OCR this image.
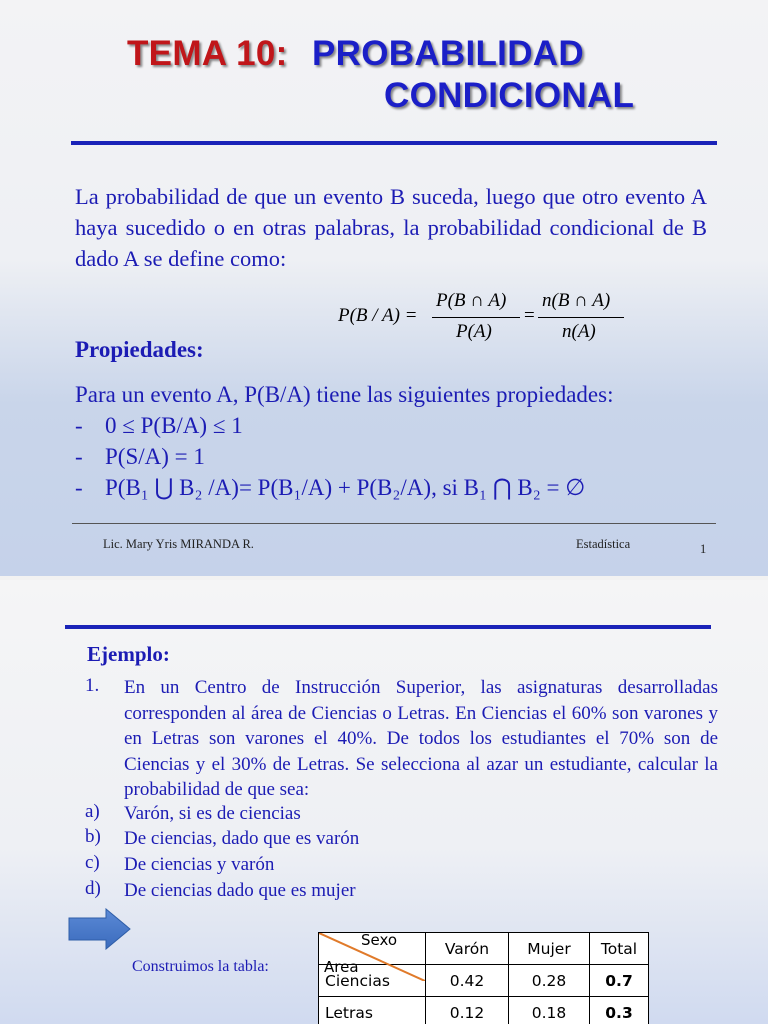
TEMA 10: PROBABILIDAD
CONDICIONAL
La probabilidad de que un evento B suceda, luego que otro evento A haya sucedido o en otras palabras, la probabilidad condicional de B dado A se define como:
P(B / A) =
P(B ∩ A)
P(A)
=
n(B ∩ A)
n(A)
Propiedades:
Para un evento A, P(B/A) tiene las siguientes propiedades:
- 0 ≤ P(B/A) ≤ 1
- P(S/A) = 1
- P(B₁ ⋃ B₂ /A)= P(B₁/A) + P(B₂/A), si B₁ ⋂ B₂ = ∅
Lic. Mary Yris MIRANDA R.	Estadística	1
Ejemplo:
1. En un Centro de Instrucción Superior, las asignaturas desarrolladas corresponden al área de Ciencias o Letras. En Ciencias el 60% son varones y en Letras son varones el 40%. De todos los estudiantes el 70% son de Ciencias y el 30% de Letras. Se selecciona al azar un estudiante, calcular la probabilidad de que sea:
a) Varón, si es de ciencias
b) De ciencias, dado que es varón
c) De ciencias y varón
d) De ciencias dado que es mujer
Construimos la tabla:
Sexo
Area	Varón	Mujer	Total
Ciencias	0.42	0.28	0.7
Letras	0.12	0.18	0.3
